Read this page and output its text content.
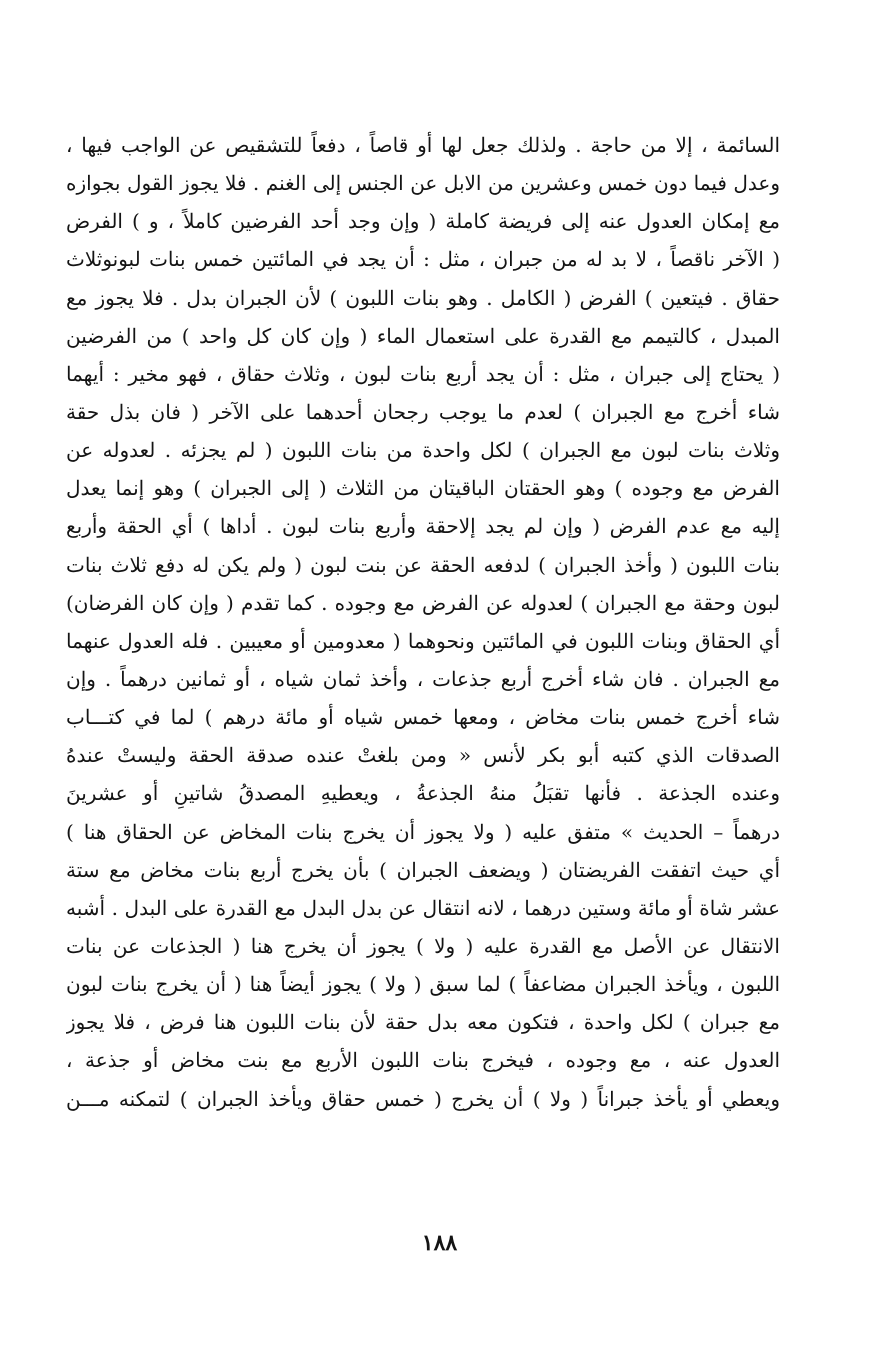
السائمة ، إلا من حاجة . ولذلك جعل لها أو قاصاً ، دفعاً للتشقيص عن الواجب فيها ،
وعدل فيما دون خمس وعشرين من الابل عن الجنس إلى الغنم . فلا يجوز القول بجوازه
مع إمكان العدول عنه إلى فريضة كاملة ( وإن وجد أحد الفرضين كاملاً ، و ) الفرض
( الآخر ناقصاً ، لا بد له من جبران ، مثل : أن يجد في المائتين خمس بنات لبونوثلاث
حقاق . فيتعين ) الفرض ( الكامل . وهو بنات اللبون ) لأن الجبران بدل . فلا يجوز مع
المبدل ، كالتيمم مع القدرة على استعمال الماء ( وإن كان كل واحد ) من الفرضين
( يحتاج إلى جبران ، مثل : أن يجد أربع بنات لبون ، وثلاث حقاق ، فهو مخير : أيهما
شاء أخرج مع الجبران ) لعدم ما يوجب رجحان أحدهما على الآخر ( فان بذل حقة
وثلاث بنات لبون مع الجبران ) لكل واحدة من بنات اللبون ( لم يجزئه . لعدوله عن
الفرض مع وجوده ) وهو الحقتان الباقيتان من الثلاث ( إلى الجبران ) وهو إنما يعدل
إليه مع عدم الفرض ( وإن لم يجد إلاحقة وأربع بنات لبون . أداها ) أي الحقة وأربع
بنات اللبون ( وأخذ الجبران ) لدفعه الحقة عن بنت لبون ( ولم يكن له دفع ثلاث بنات
لبون وحقة مع الجبران ) لعدوله عن الفرض مع وجوده . كما تقدم ( وإن كان الفرضان)
أي الحقاق وبنات اللبون في المائتين ونحوهما ( معدومين أو معيبين . فله العدول عنهما
مع الجبران . فان شاء أخرج أربع جذعات ، وأخذ ثمان شياه ، أو ثمانين درهماً . وإن
شاء أخرج خمس بنات مخاض ، ومعها خمس شياه أو مائة درهم ) لما في كتـــاب
الصدقات الذي كتبه أبو بكر لأنس « ومن بلغتْ عنده صدقة الحقة وليستْ عندهُ
وعنده الجذعة . فأنها تقبَلُ منهُ الجذعةُ ، ويعطيهِ المصدقُ شاتينِ أو عشرينَ
درهماً – الحديث » متفق عليه ( ولا يجوز أن يخرج بنات المخاض عن الحقاق هنا )
أي حيث اتفقت الفريضتان ( ويضعف الجبران ) بأن يخرج أربع بنات مخاض مع ستة
عشر شاة أو مائة وستين درهما ، لانه انتقال عن بدل البدل مع القدرة على البدل . أشبه
الانتقال عن الأصل مع القدرة عليه ( ولا ) يجوز أن يخرج هنا ( الجذعات عن بنات
اللبون ، ويأخذ الجبران مضاعفاً ) لما سبق ( ولا ) يجوز أيضاً هنا ( أن يخرج بنات لبون
مع جبران ) لكل واحدة ، فتكون معه بدل حقة لأن بنات اللبون هنا فرض ، فلا يجوز
العدول عنه ، مع وجوده ، فيخرج بنات اللبون الأربع مع بنت مخاض أو جذعة ،
ويعطي أو يأخذ جبراناً ( ولا ) أن يخرج ( خمس حقاق ويأخذ الجبران ) لتمكنه مـــن
١٨٨
